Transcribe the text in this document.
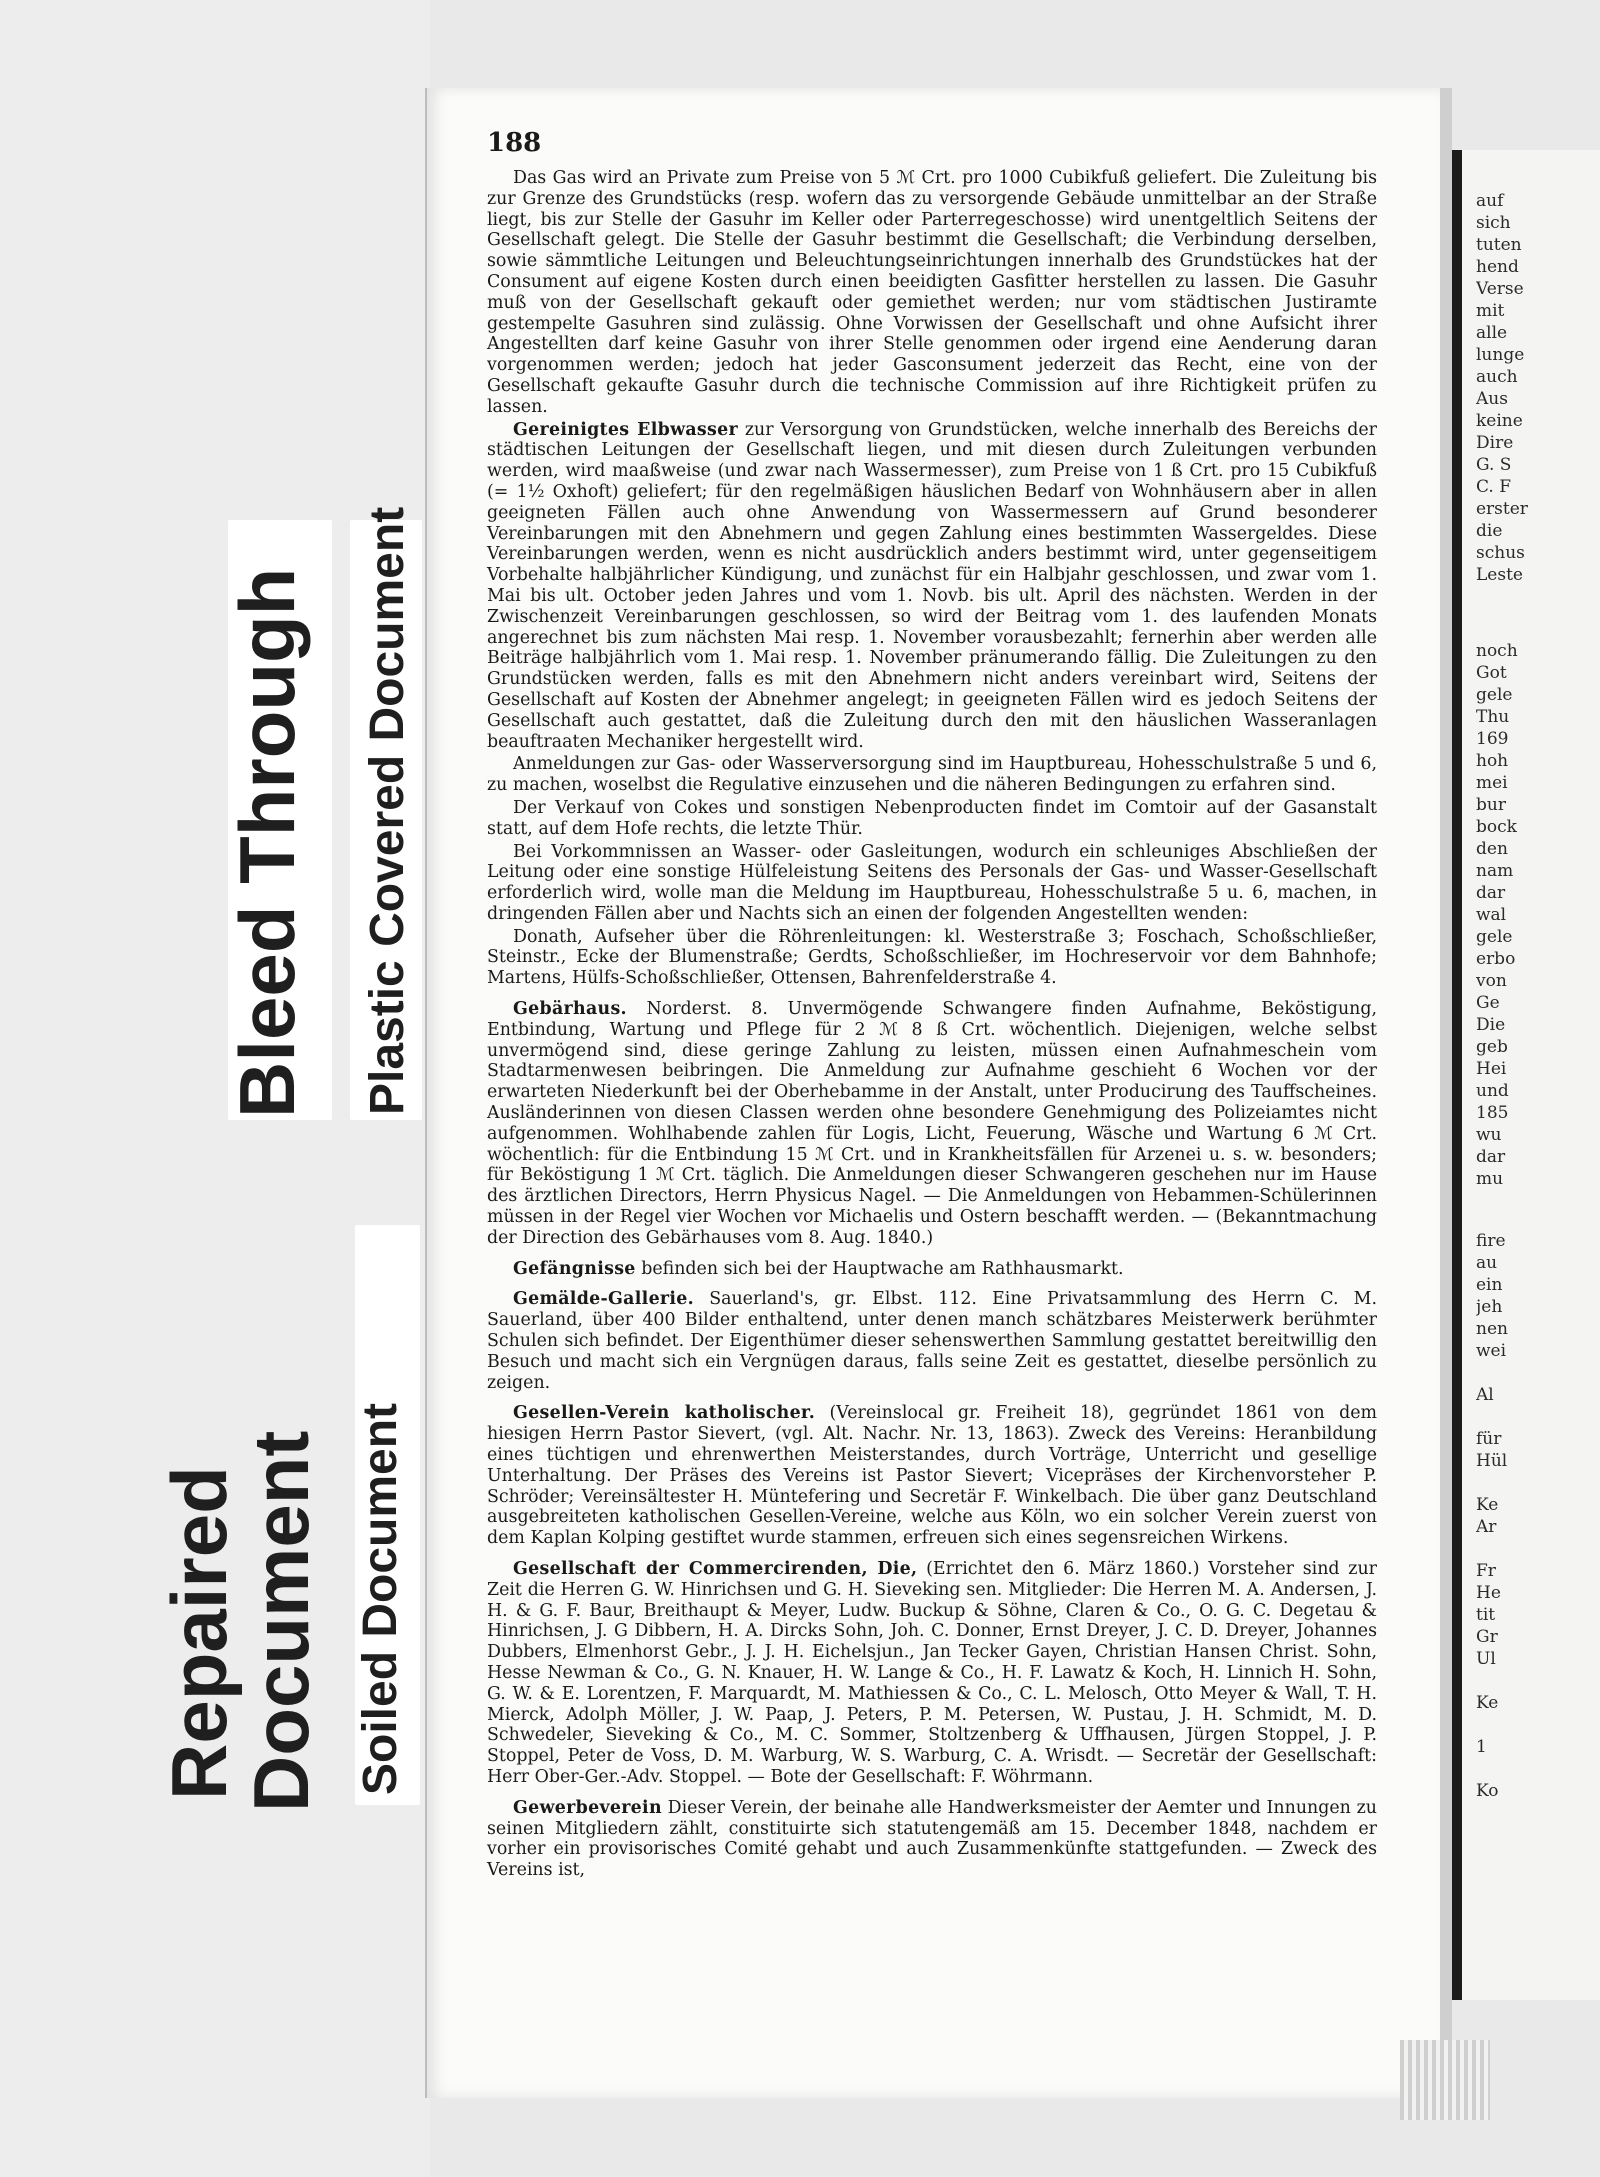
Bleed Through Plastic Covered Document
Repaired
Document Soiled Document
188

Das Gas wird an Private zum Preise von 5 ℳ Crt. pro 1000 Cubikfuß geliefert. Die Zuleitung bis zur Grenze des Grundstücks (resp. wofern das zu versorgende Gebäude unmittelbar an der Straße liegt, bis zur Stelle der Gasuhr im Keller oder Parterregeschosse) wird unentgeltlich Seitens der Gesellschaft gelegt. Die Stelle der Gasuhr bestimmt die Gesellschaft; die Verbindung derselben, sowie sämmtliche Leitungen und Beleuchtungseinrichtungen innerhalb des Grundstückes hat der Consument auf eigene Kosten durch einen beeidigten Gasfitter herstellen zu lassen. Die Gasuhr muß von der Gesellschaft gekauft oder gemiethet werden; nur vom städtischen Justiramte gestempelte Gasuhren sind zulässig. Ohne Vorwissen der Gesellschaft und ohne Aufsicht ihrer Angestellten darf keine Gasuhr von ihrer Stelle genommen oder irgend eine Aenderung daran vorgenommen werden; jedoch hat jeder Gasconsument jederzeit das Recht, eine von der Gesellschaft gekaufte Gasuhr durch die technische Commission auf ihre Richtigkeit prüfen zu lassen.

Gereinigtes Elbwasser zur Versorgung von Grundstücken, welche innerhalb des Bereichs der städtischen Leitungen der Gesellschaft liegen, und mit diesen durch Zuleitungen verbunden werden, wird maaßweise (und zwar nach Wassermesser), zum Preise von 1 ß Crt. pro 15 Cubikfuß (= 1½ Oxhoft) geliefert; für den regelmäßigen häuslichen Bedarf von Wohnhäusern aber in allen geeigneten Fällen auch ohne Anwendung von Wassermessern auf Grund besonderer Vereinbarungen mit den Abnehmern und gegen Zahlung eines bestimmten Wassergeldes. Diese Vereinbarungen werden, wenn es nicht ausdrücklich anders bestimmt wird, unter gegenseitigem Vorbehalte halbjährlicher Kündigung, und zunächst für ein Halbjahr geschlossen, und zwar vom 1. Mai bis ult. October jeden Jahres und vom 1. Novb. bis ult. April des nächsten. Werden in der Zwischenzeit Vereinbarungen geschlossen, so wird der Beitrag vom 1. des laufenden Monats angerechnet bis zum nächsten Mai resp. 1. November vorausbezahlt; fernerhin aber werden alle Beiträge halbjährlich vom 1. Mai resp. 1. November pränumerando fällig. Die Zuleitungen zu den Grundstücken werden, falls es mit den Abnehmern nicht anders vereinbart wird, Seitens der Gesellschaft auf Kosten der Abnehmer angelegt; in geeigneten Fällen wird es jedoch Seitens der Gesellschaft auch gestattet, daß die Zuleitung durch den mit den häuslichen Wasseranlagen beauftraaten Mechaniker hergestellt wird.

Anmeldungen zur Gas- oder Wasserversorgung sind im Hauptbureau, Hohesschulstraße 5 und 6, zu machen, woselbst die Regulative einzusehen und die näheren Bedingungen zu erfahren sind.

Der Verkauf von Cokes und sonstigen Nebenproducten findet im Comtoir auf der Gasanstalt statt, auf dem Hofe rechts, die letzte Thür.

Bei Vorkommnissen an Wasser- oder Gasleitungen, wodurch ein schleuniges Abschließen der Leitung oder eine sonstige Hülfeleistung Seitens des Personals der Gas- und Wasser-Gesellschaft erforderlich wird, wolle man die Meldung im Hauptbureau, Hohesschulstraße 5 u. 6, machen, in dringenden Fällen aber und Nachts sich an einen der folgenden Angestellten wenden:

Donath, Aufseher über die Röhrenleitungen: kl. Westerstraße 3; Foschach, Schoßschließer, Steinstr., Ecke der Blumenstraße; Gerdts, Schoßschließer, im Hochreservoir vor dem Bahnhofe; Martens, Hülfs-Schoßschließer, Ottensen, Bahrenfelderstraße 4.

Gebärhaus. Norderst. 8. Unvermögende Schwangere finden Aufnahme, Beköstigung, Entbindung, Wartung und Pflege für 2 ℳ 8 ß Crt. wöchentlich. Diejenigen, welche selbst unvermögend sind, diese geringe Zahlung zu leisten, müssen einen Aufnahmeschein vom Stadtarmenwesen beibringen. Die Anmeldung zur Aufnahme geschieht 6 Wochen vor der erwarteten Niederkunft bei der Oberhebamme in der Anstalt, unter Producirung des Tauffscheines. Ausländerinnen von diesen Classen werden ohne besondere Genehmigung des Polizeiamtes nicht aufgenommen. Wohlhabende zahlen für Logis, Licht, Feuerung, Wäsche und Wartung 6 ℳ Crt. wöchentlich: für die Entbindung 15 ℳ Crt. und in Krankheitsfällen für Arzenei u. s. w. besonders; für Beköstigung 1 ℳ Crt. täglich. Die Anmeldungen dieser Schwangeren geschehen nur im Hause des ärztlichen Directors, Herrn Physicus Nagel. — Die Anmeldungen von Hebammen-Schülerinnen müssen in der Regel vier Wochen vor Michaelis und Ostern beschafft werden. — (Bekanntmachung der Direction des Gebärhauses vom 8. Aug. 1840.)

Gefängnisse befinden sich bei der Hauptwache am Rathhausmarkt.

Gemälde-Gallerie. Sauerland's, gr. Elbst. 112. Eine Privatsammlung des Herrn C. M. Sauerland, über 400 Bilder enthaltend, unter denen manch schätzbares Meisterwerk berühmter Schulen sich befindet. Der Eigenthümer dieser sehenswerthen Sammlung gestattet bereitwillig den Besuch und macht sich ein Vergnügen daraus, falls seine Zeit es gestattet, dieselbe persönlich zu zeigen.

Gesellen-Verein katholischer. (Vereinslocal gr. Freiheit 18), gegründet 1861 von dem hiesigen Herrn Pastor Sievert, (vgl. Alt. Nachr. Nr. 13, 1863). Zweck des Vereins: Heranbildung eines tüchtigen und ehrenwerthen Meisterstandes, durch Vorträge, Unterricht und gesellige Unterhaltung. Der Präses des Vereins ist Pastor Sievert; Vicepräses der Kirchenvorsteher P. Schröder; Vereinsältester H. Müntefering und Secretär F. Winkelbach. Die über ganz Deutschland ausgebreiteten katholischen Gesellen-Vereine, welche aus Köln, wo ein solcher Verein zuerst von dem Kaplan Kolping gestiftet wurde stammen, erfreuen sich eines segensreichen Wirkens.

Gesellschaft der Commercirenden, Die, (Errichtet den 6. März 1860.) Vorsteher sind zur Zeit die Herren G. W. Hinrichsen und G. H. Sieveking sen. Mitglieder: Die Herren M. A. Andersen, J. H. & G. F. Baur, Breithaupt & Meyer, Ludw. Buckup & Söhne, Claren & Co., O. G. C. Degetau & Hinrichsen, J. G Dibbern, H. A. Dircks Sohn, Joh. C. Donner, Ernst Dreyer, J. C. D. Dreyer, Johannes Dubbers, Elmenhorst Gebr., J. J. H. Eichelsjun., Jan Tecker Gayen, Christian Hansen Christ. Sohn, Hesse Newman & Co., G. N. Knauer, H. W. Lange & Co., H. F. Lawatz & Koch, H. Linnich H. Sohn, G. W. & E. Lorentzen, F. Marquardt, M. Mathiessen & Co., C. L. Melosch, Otto Meyer & Wall, T. H. Mierck, Adolph Möller, J. W. Paap, J. Peters, P. M. Petersen, W. Pustau, J. H. Schmidt, M. D. Schwedeler, Sieveking & Co., M. C. Sommer, Stoltzenberg & Uffhausen, Jürgen Stoppel, J. P. Stoppel, Peter de Voss, D. M. Warburg, W. S. Warburg, C. A. Wrisdt. — Secretär der Gesellschaft: Herr Ober-Ger.-Adv. Stoppel. — Bote der Gesellschaft: F. Wöhrmann.

Gewerbeverein Dieser Verein, der beinahe alle Handwerksmeister der Aemter und Innungen zu seinen Mitgliedern zählt, constituirte sich statutengemäß am 15. December 1848, nachdem er vorher ein provisorisches Comité gehabt und auch Zusammenkünfte stattgefunden. — Zweck des Vereins ist,

auf
sich
tuten
hend
Verse
mit
alle
lunge
auch
Aus
keine
Dire
G. S
C. F
erster
die
schus
Leste
noch
Got
gele
Thu
169
hoh
mei
bur
bock
den
nam
dar
wal
gele
erbo
von
Ge
Die
geb
Hei
und
185
wu
dar
mu
fire
au
ein
jeh
nen
wei
Al
für
Hül
Ke
Ar
Fr
He
tit
Gr
Ul
Ke
1
Ko
